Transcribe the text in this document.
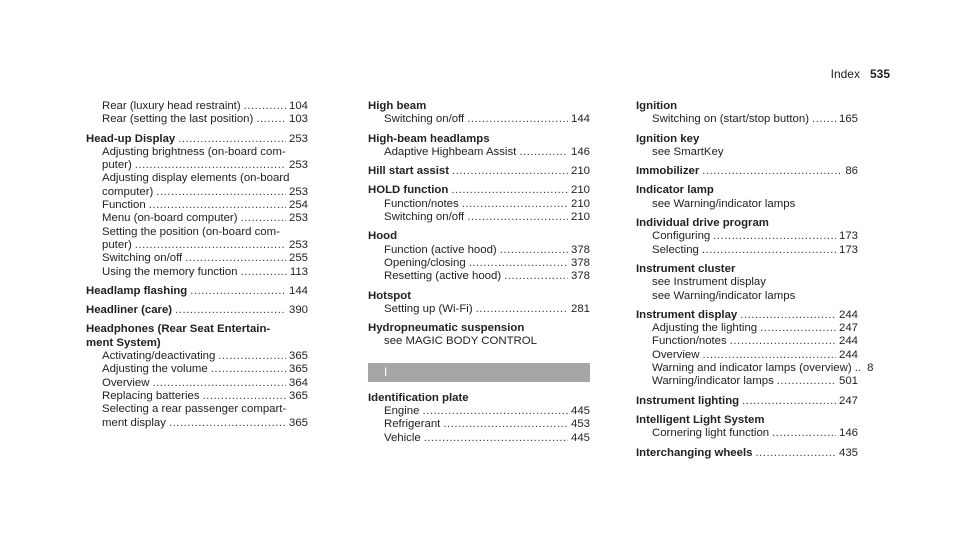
Index 535
Rear (luxury head restraint) .....	104
Rear (setting the last position) .....	103
Head-up Display .....	253
Adjusting brightness (on-board com-
puter) .....	253
Adjusting display elements (on-board
computer) .....	253
Function .....	254
Menu (on-board computer) .....	253
Setting the position (on-board com-
puter) .....	253
Switching on/off .....	255
Using the memory function .....	113
Headlamp flashing .....	144
Headliner (care) .....	390
Headphones (Rear Seat Entertain-
ment System)
Activating/deactivating .....	365
Adjusting the volume .....	365
Overview .....	364
Replacing batteries .....	365
Selecting a rear passenger compart-
ment display .....	365
High beam
Switching on/off .....	144
High-beam headlamps
Adaptive Highbeam Assist .....	146
Hill start assist .....	210
HOLD function .....	210
Function/notes .....	210
Switching on/off .....	210
Hood
Function (active hood) .....	378
Opening/closing .....	378
Resetting (active hood) .....	378
Hotspot
Setting up (Wi-Fi) .....	281
Hydropneumatic suspension
see MAGIC BODY CONTROL
I
Identification plate
Engine .....	445
Refrigerant .....	453
Vehicle .....	445
Ignition
Switching on (start/stop button) .....	165
Ignition key
see SmartKey
Immobilizer .....	86
Indicator lamp
see Warning/indicator lamps
Individual drive program
Configuring .....	173
Selecting .....	173
Instrument cluster
see Instrument display
see Warning/indicator lamps
Instrument display .....	244
Adjusting the lighting .....	247
Function/notes .....	244
Overview .....	244
Warning and indicator lamps (overview) .. 8
Warning/indicator lamps .....	501
Instrument lighting .....	247
Intelligent Light System
Cornering light function .....	146
Interchanging wheels .....	435
